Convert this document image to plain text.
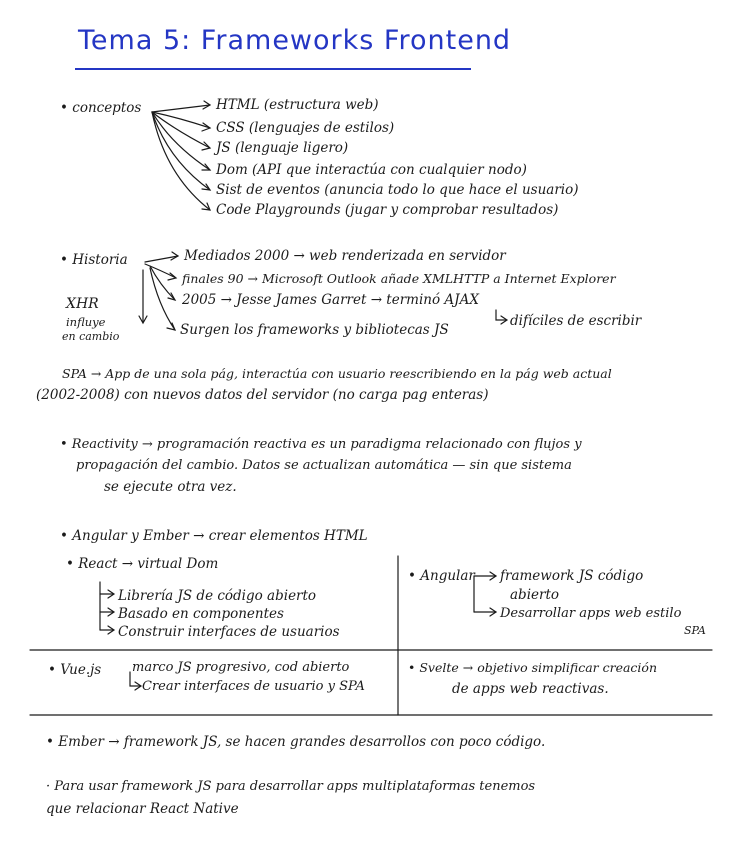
Tema 5: Frameworks Frontend
• conceptos	HTML (estructura web)
CSS (lenguajes de estilos)
JS (lenguaje ligero)
Dom (API que interactúa con cualquier nodo)
Sist de eventos (anuncia todo lo que hace el usuario)
Code Playgrounds (jugar y comprobar resultados)
• Historia	Mediados 2000 → web renderizada en servidor
finales 90 → Microsoft Outlook añade XMLHTTP a Internet Explorer
2005 → Jesse James Garret → terminó AJAX
Surgen los frameworks y bibliotecas JS
difíciles de escribir
XHR
influye
en cambio
SPA → App de una sola pág, interactúa con usuario reescribiendo en la pág web actual
(2002-2008) con nuevos datos del servidor (no carga pag enteras)
• Reactivity → programación reactiva es un paradigma relacionado con flujos y
propagación del cambio. Datos se actualizan automática — sin que sistema
se ejecute otra vez.
• Angular y Ember → crear elementos HTML
• React → virtual Dom
Librería JS de código abierto
Basado en componentes
Construir interfaces de usuarios
• Angular framework JS código
abierto
Desarrollar apps web estilo
SPA
• Vue.js marco JS progresivo, cod abierto
Crear interfaces de usuario y SPA
• Svelte → objetivo simplificar creación
de apps web reactivas.
• Ember → framework JS, se hacen grandes desarrollos con poco código.
· Para usar framework JS para desarrollar apps multiplataformas tenemos
que relacionar React Native
